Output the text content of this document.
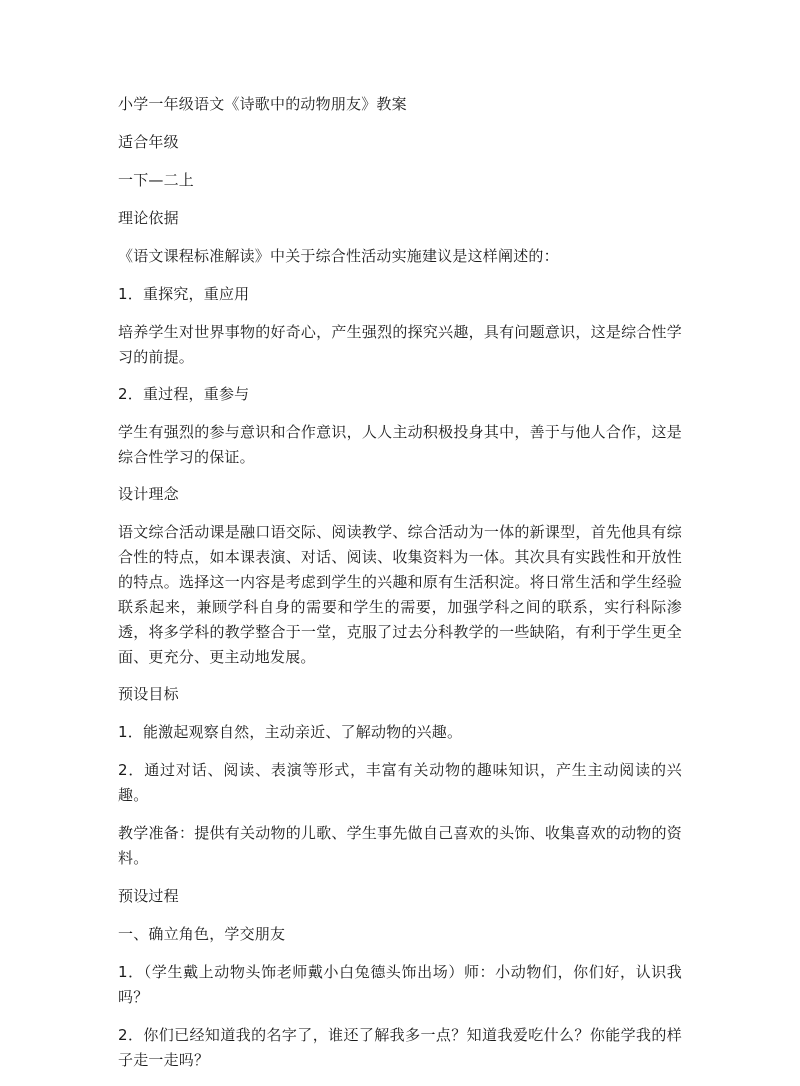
小学一年级语文《诗歌中的动物朋友》教案

适合年级

一下—二上

理论依据

《语文课程标准解读》中关于综合性活动实施建议是这样阐述的：

1．重探究，重应用

培养学生对世界事物的好奇心，产生强烈的探究兴趣，具有问题意识，这是综合性学习的前提。

2．重过程，重参与

学生有强烈的参与意识和合作意识，人人主动积极投身其中，善于与他人合作，这是综合性学习的保证。

设计理念

语文综合活动课是融口语交际、阅读教学、综合活动为一体的新课型，首先他具有综合性的特点，如本课表演、对话、阅读、收集资料为一体。其次具有实践性和开放性的特点。选择这一内容是考虑到学生的兴趣和原有生活积淀。将日常生活和学生经验联系起来，兼顾学科自身的需要和学生的需要，加强学科之间的联系，实行科际渗透，将多学科的教学整合于一堂，克服了过去分科教学的一些缺陷，有利于学生更全面、更充分、更主动地发展。

预设目标

1．能激起观察自然，主动亲近、了解动物的兴趣。

2．通过对话、阅读、表演等形式，丰富有关动物的趣味知识，产生主动阅读的兴趣。

教学准备：提供有关动物的儿歌、学生事先做自己喜欢的头饰、收集喜欢的动物的资料。

预设过程

一、确立角色，学交朋友

1．（学生戴上动物头饰老师戴小白兔德头饰出场）师：小动物们，你们好，认识我吗？

2．你们已经知道我的名字了，谁还了解我多一点？知道我爱吃什么？你能学我的样子走一走吗？
